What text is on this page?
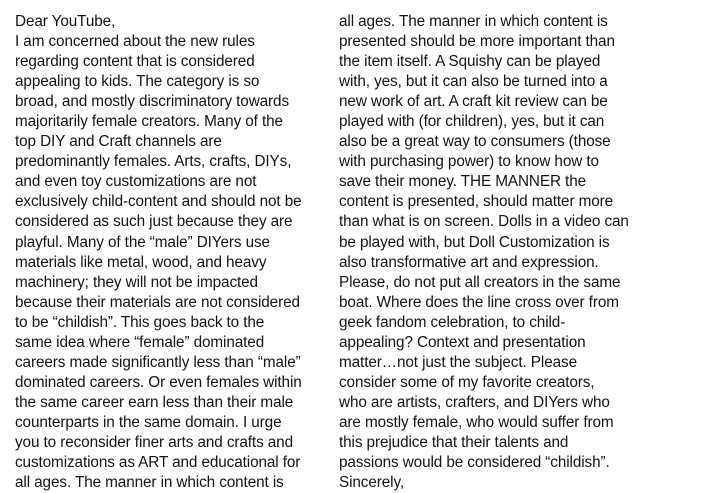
Dear YouTube,
I am concerned about the new rules
regarding content that is considered
appealing to kids. The category is so
broad, and mostly discriminatory towards
majoritarily female creators. Many of the
top DIY and Craft channels are
predominantly females. Arts, crafts, DIYs,
and even toy customizations are not
exclusively child-content and should not be
considered as such just because they are
playful. Many of the “male” DIYers use
materials like metal, wood, and heavy
machinery; they will not be impacted
because their materials are not considered
to be “childish”. This goes back to the
same idea where “female” dominated
careers made significantly less than “male”
dominated careers. Or even females within
the same career earn less than their male
counterparts in the same domain. I urge
you to reconsider finer arts and crafts and
customizations as ART and educational for
all ages. The manner in which content is
all ages. The manner in which content is
presented should be more important than
the item itself. A Squishy can be played
with, yes, but it can also be turned into a
new work of art. A craft kit review can be
played with (for children), yes, but it can
also be a great way to consumers (those
with purchasing power) to know how to
save their money. THE MANNER the
content is presented, should matter more
than what is on screen. Dolls in a video can
be played with, but Doll Customization is
also transformative art and expression.
Please, do not put all creators in the same
boat. Where does the line cross over from
geek fandom celebration, to child-
appealing? Context and presentation
matter…not just the subject. Please
consider some of my favorite creators,
who are artists, crafters, and DIYers who
are mostly female, who would suffer from
this prejudice that their talents and
passions would be considered “childish”.
Sincerely,
